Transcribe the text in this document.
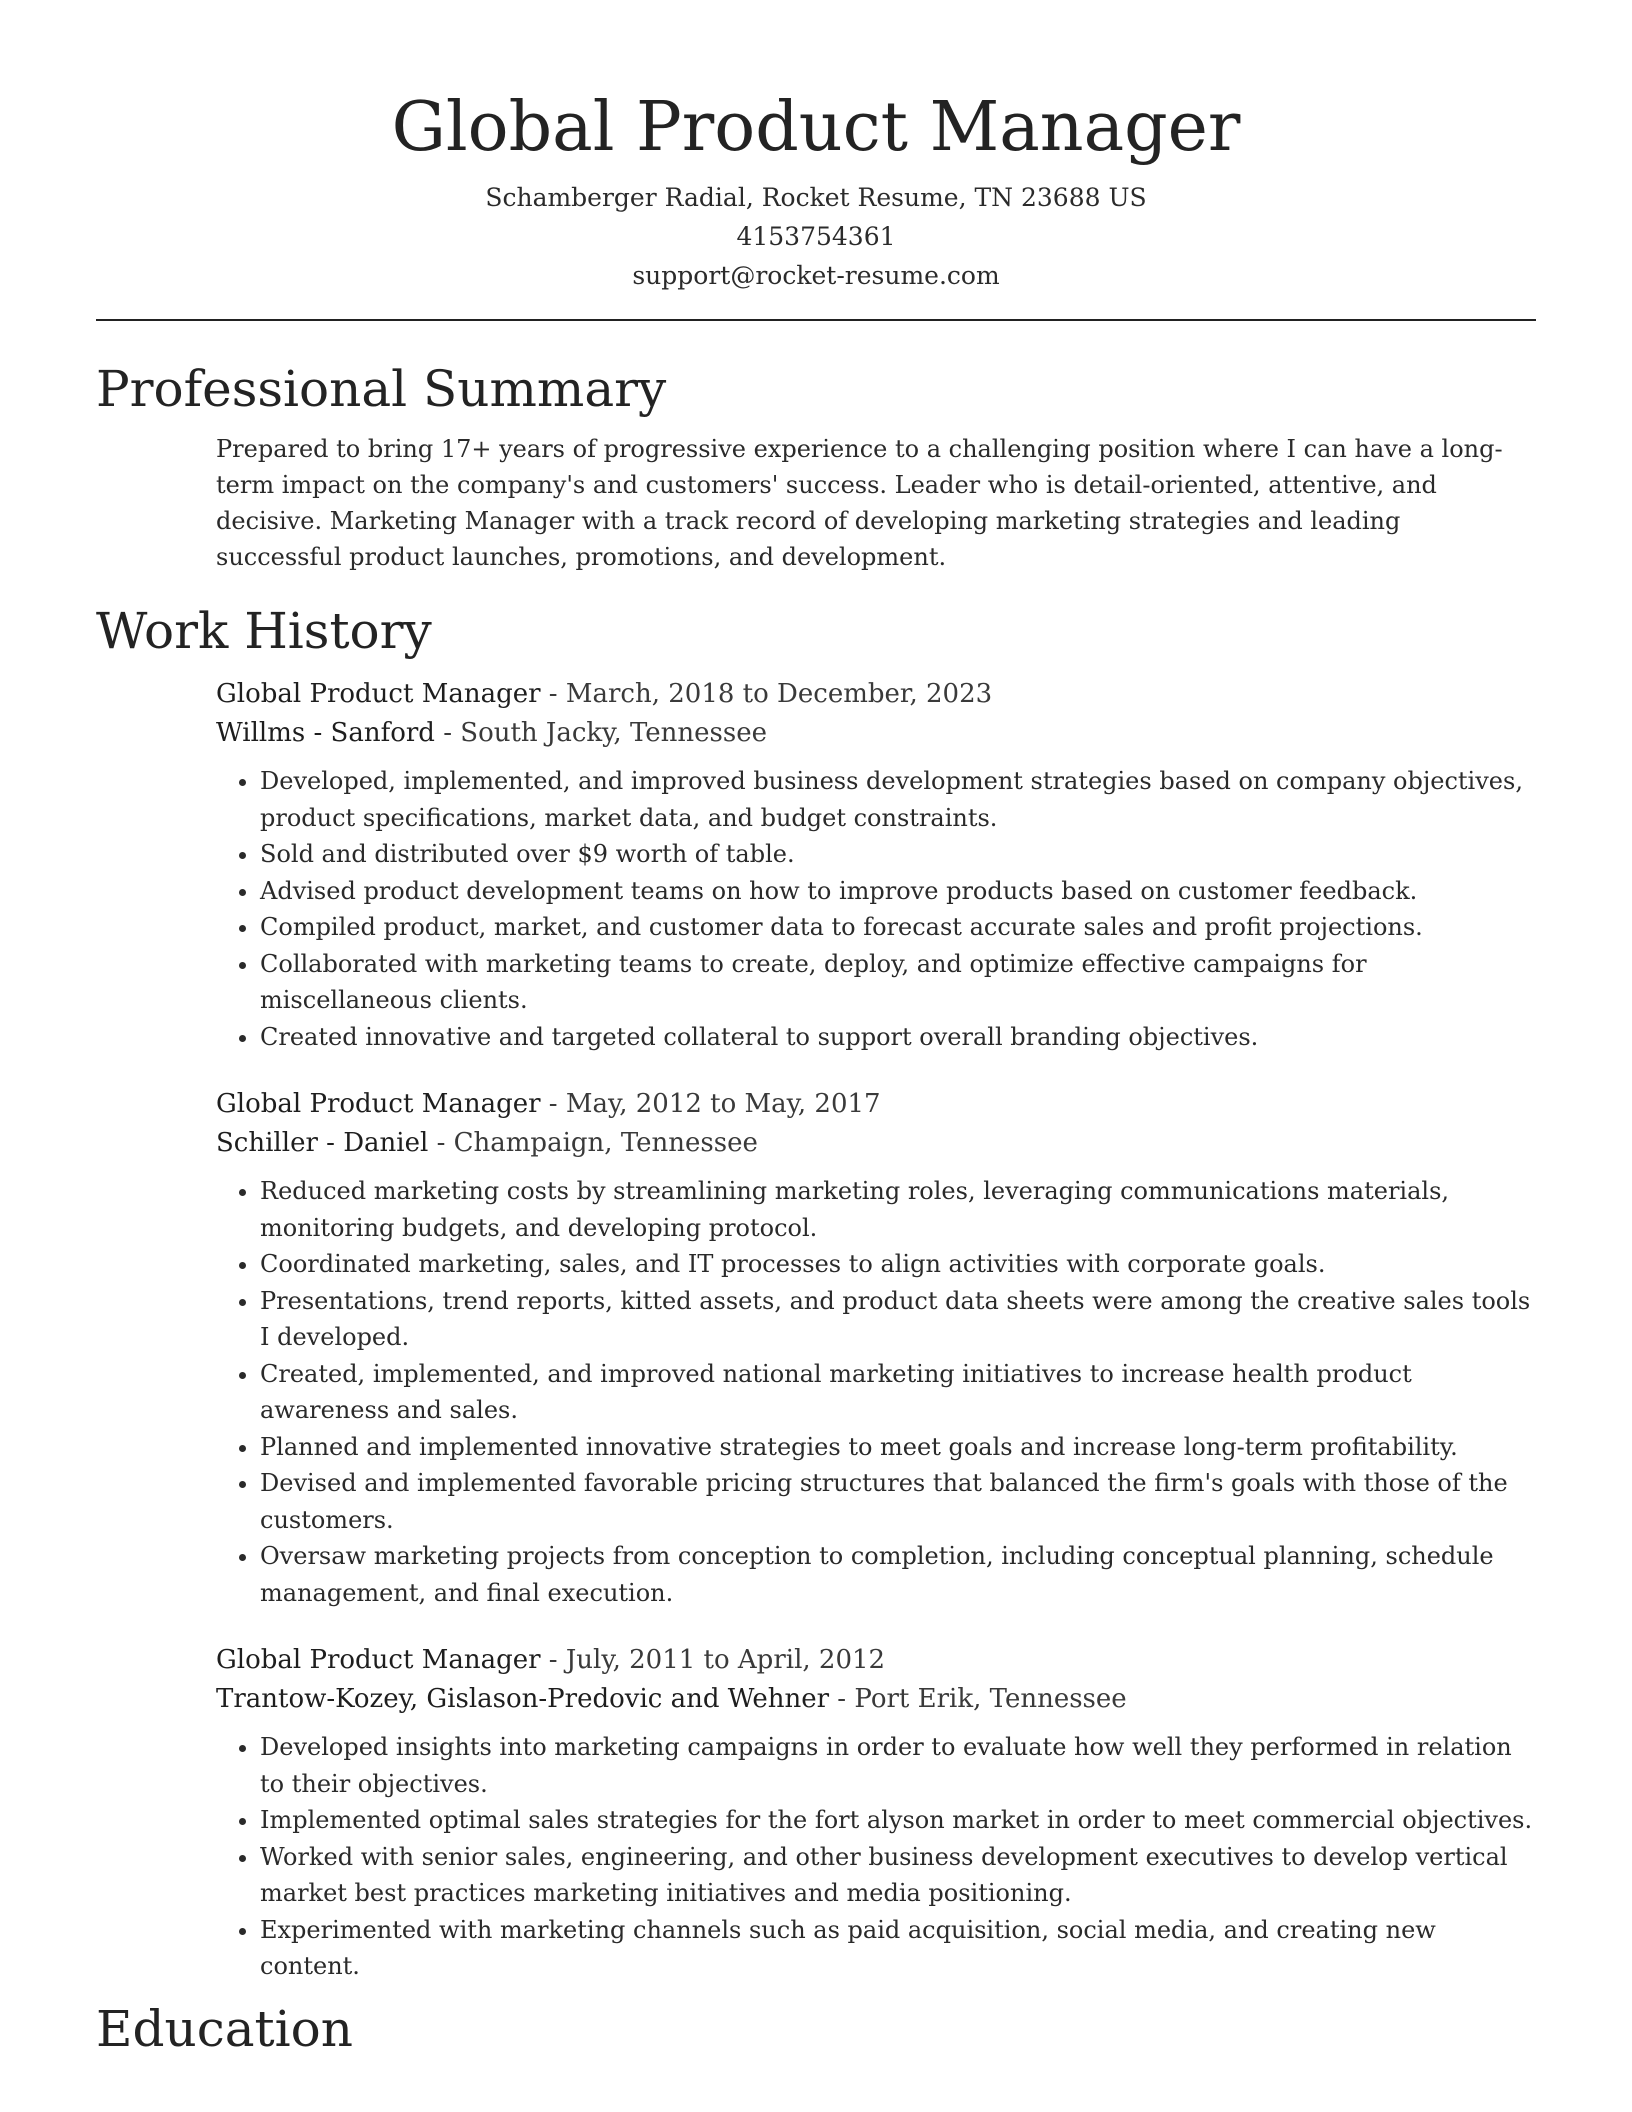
Global Product Manager
Schamberger Radial, Rocket Resume, TN 23688 US
4153754361
support@rocket-resume.com
Professional Summary
Prepared to bring 17+ years of progressive experience to a challenging position where I can have a long-term impact on the company's and customers' success. Leader who is detail-oriented, attentive, and decisive. Marketing Manager with a track record of developing marketing strategies and leading successful product launches, promotions, and development.
Work History
Global Product Manager - March, 2018 to December, 2023
Willms - Sanford - South Jacky, Tennessee
• Developed, implemented, and improved business development strategies based on company objectives, product specifications, market data, and budget constraints.
• Sold and distributed over $9 worth of table.
• Advised product development teams on how to improve products based on customer feedback.
• Compiled product, market, and customer data to forecast accurate sales and profit projections.
• Collaborated with marketing teams to create, deploy, and optimize effective campaigns for miscellaneous clients.
• Created innovative and targeted collateral to support overall branding objectives.
Global Product Manager - May, 2012 to May, 2017
Schiller - Daniel - Champaign, Tennessee
• Reduced marketing costs by streamlining marketing roles, leveraging communications materials, monitoring budgets, and developing protocol.
• Coordinated marketing, sales, and IT processes to align activities with corporate goals.
• Presentations, trend reports, kitted assets, and product data sheets were among the creative sales tools I developed.
• Created, implemented, and improved national marketing initiatives to increase health product awareness and sales.
• Planned and implemented innovative strategies to meet goals and increase long-term profitability.
• Devised and implemented favorable pricing structures that balanced the firm's goals with those of the customers.
• Oversaw marketing projects from conception to completion, including conceptual planning, schedule management, and final execution.
Global Product Manager - July, 2011 to April, 2012
Trantow-Kozey, Gislason-Predovic and Wehner - Port Erik, Tennessee
• Developed insights into marketing campaigns in order to evaluate how well they performed in relation to their objectives.
• Implemented optimal sales strategies for the fort alyson market in order to meet commercial objectives.
• Worked with senior sales, engineering, and other business development executives to develop vertical market best practices marketing initiatives and media positioning.
• Experimented with marketing channels such as paid acquisition, social media, and creating new content.
Education
